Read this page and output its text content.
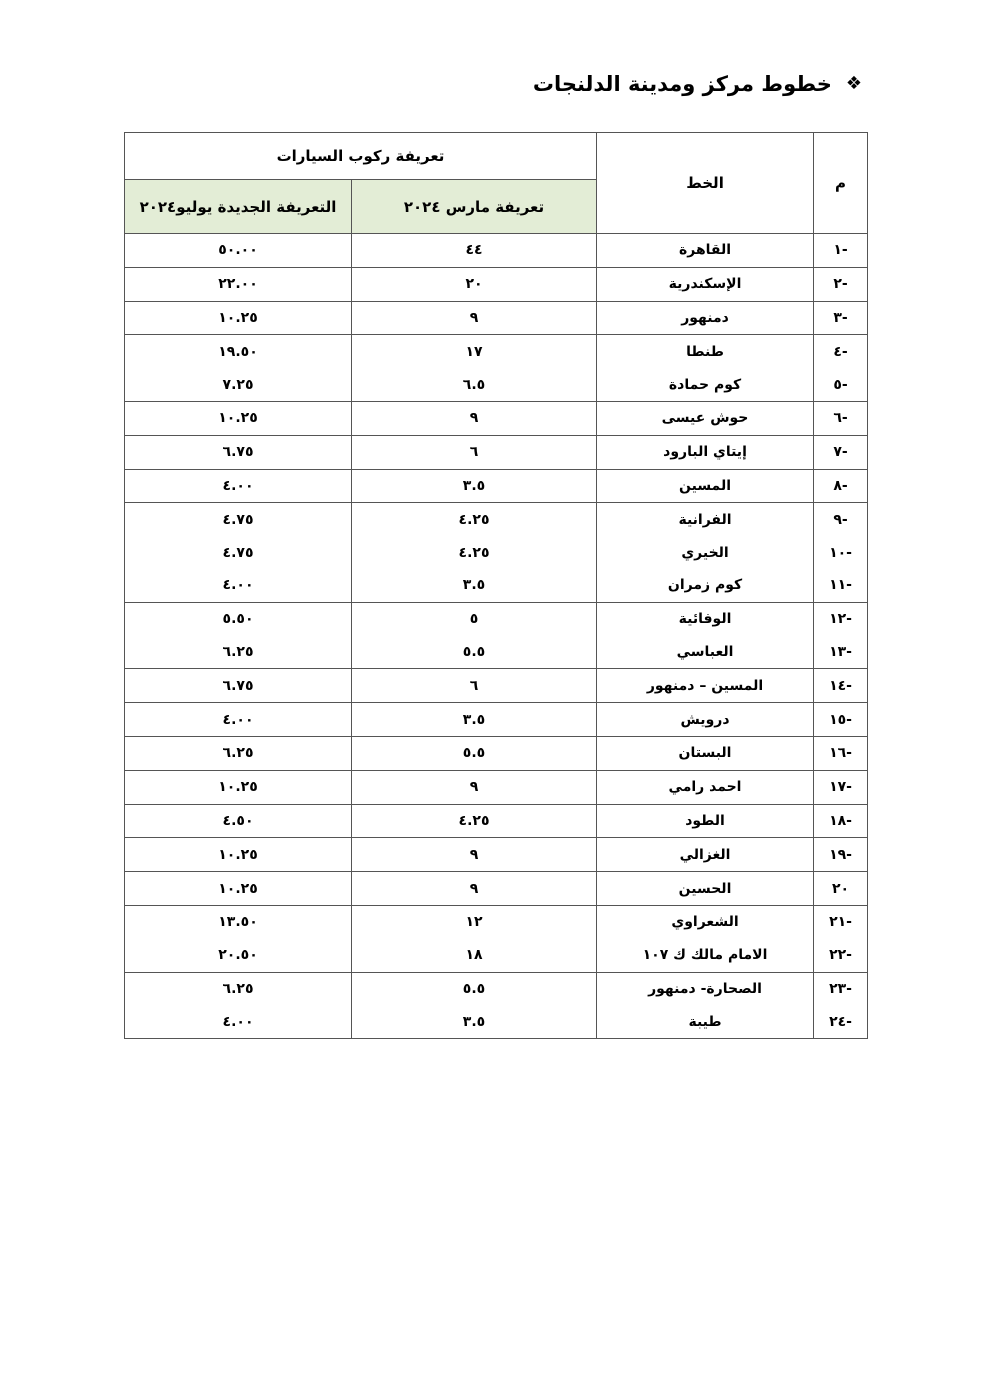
❖
خطوط مركز ومدينة الدلنجات
م	الخط	تعريفة ركوب السيارات	
		تعريفة مارس ٢٠٢٤	التعريفة الجديدة يوليو٢٠٢٤
-١	القاهرة	٤٤	٥٠.٠٠
-٢	الإسكندرية	٢٠	٢٢.٠٠
-٣	دمنهور	٩	١٠.٢٥
-٤	طنطا	١٧	١٩.٥٠
-٥	كوم حمادة	٦.٥	٧.٢٥
-٦	حوش عيسى	٩	١٠.٢٥
-٧	إيتاي البارود	٦	٦.٧٥
-٨	المسين	٣.٥	٤.٠٠
-٩	الفرانية	٤.٢٥	٤.٧٥
-١٠	الخيري	٤.٢٥	٤.٧٥
-١١	كوم زمران	٣.٥	٤.٠٠
-١٢	الوفائية	٥	٥.٥٠
-١٣	العباسي	٥.٥	٦.٢٥
-١٤	المسين – دمنهور	٦	٦.٧٥
-١٥	درويش	٣.٥	٤.٠٠
-١٦	البستان	٥.٥	٦.٢٥
-١٧	احمد رامي	٩	١٠.٢٥
-١٨	الطود	٤.٢٥	٤.٥٠
-١٩	الغزالي	٩	١٠.٢٥
٢٠	الحسين	٩	١٠.٢٥
-٢١	الشعراوي	١٢	١٣.٥٠
-٢٢	الامام مالك ك ١٠٧	١٨	٢٠.٥٠
-٢٣	الصحارة- دمنهور	٥.٥	٦.٢٥
-٢٤	طيبة	٣.٥	٤.٠٠
